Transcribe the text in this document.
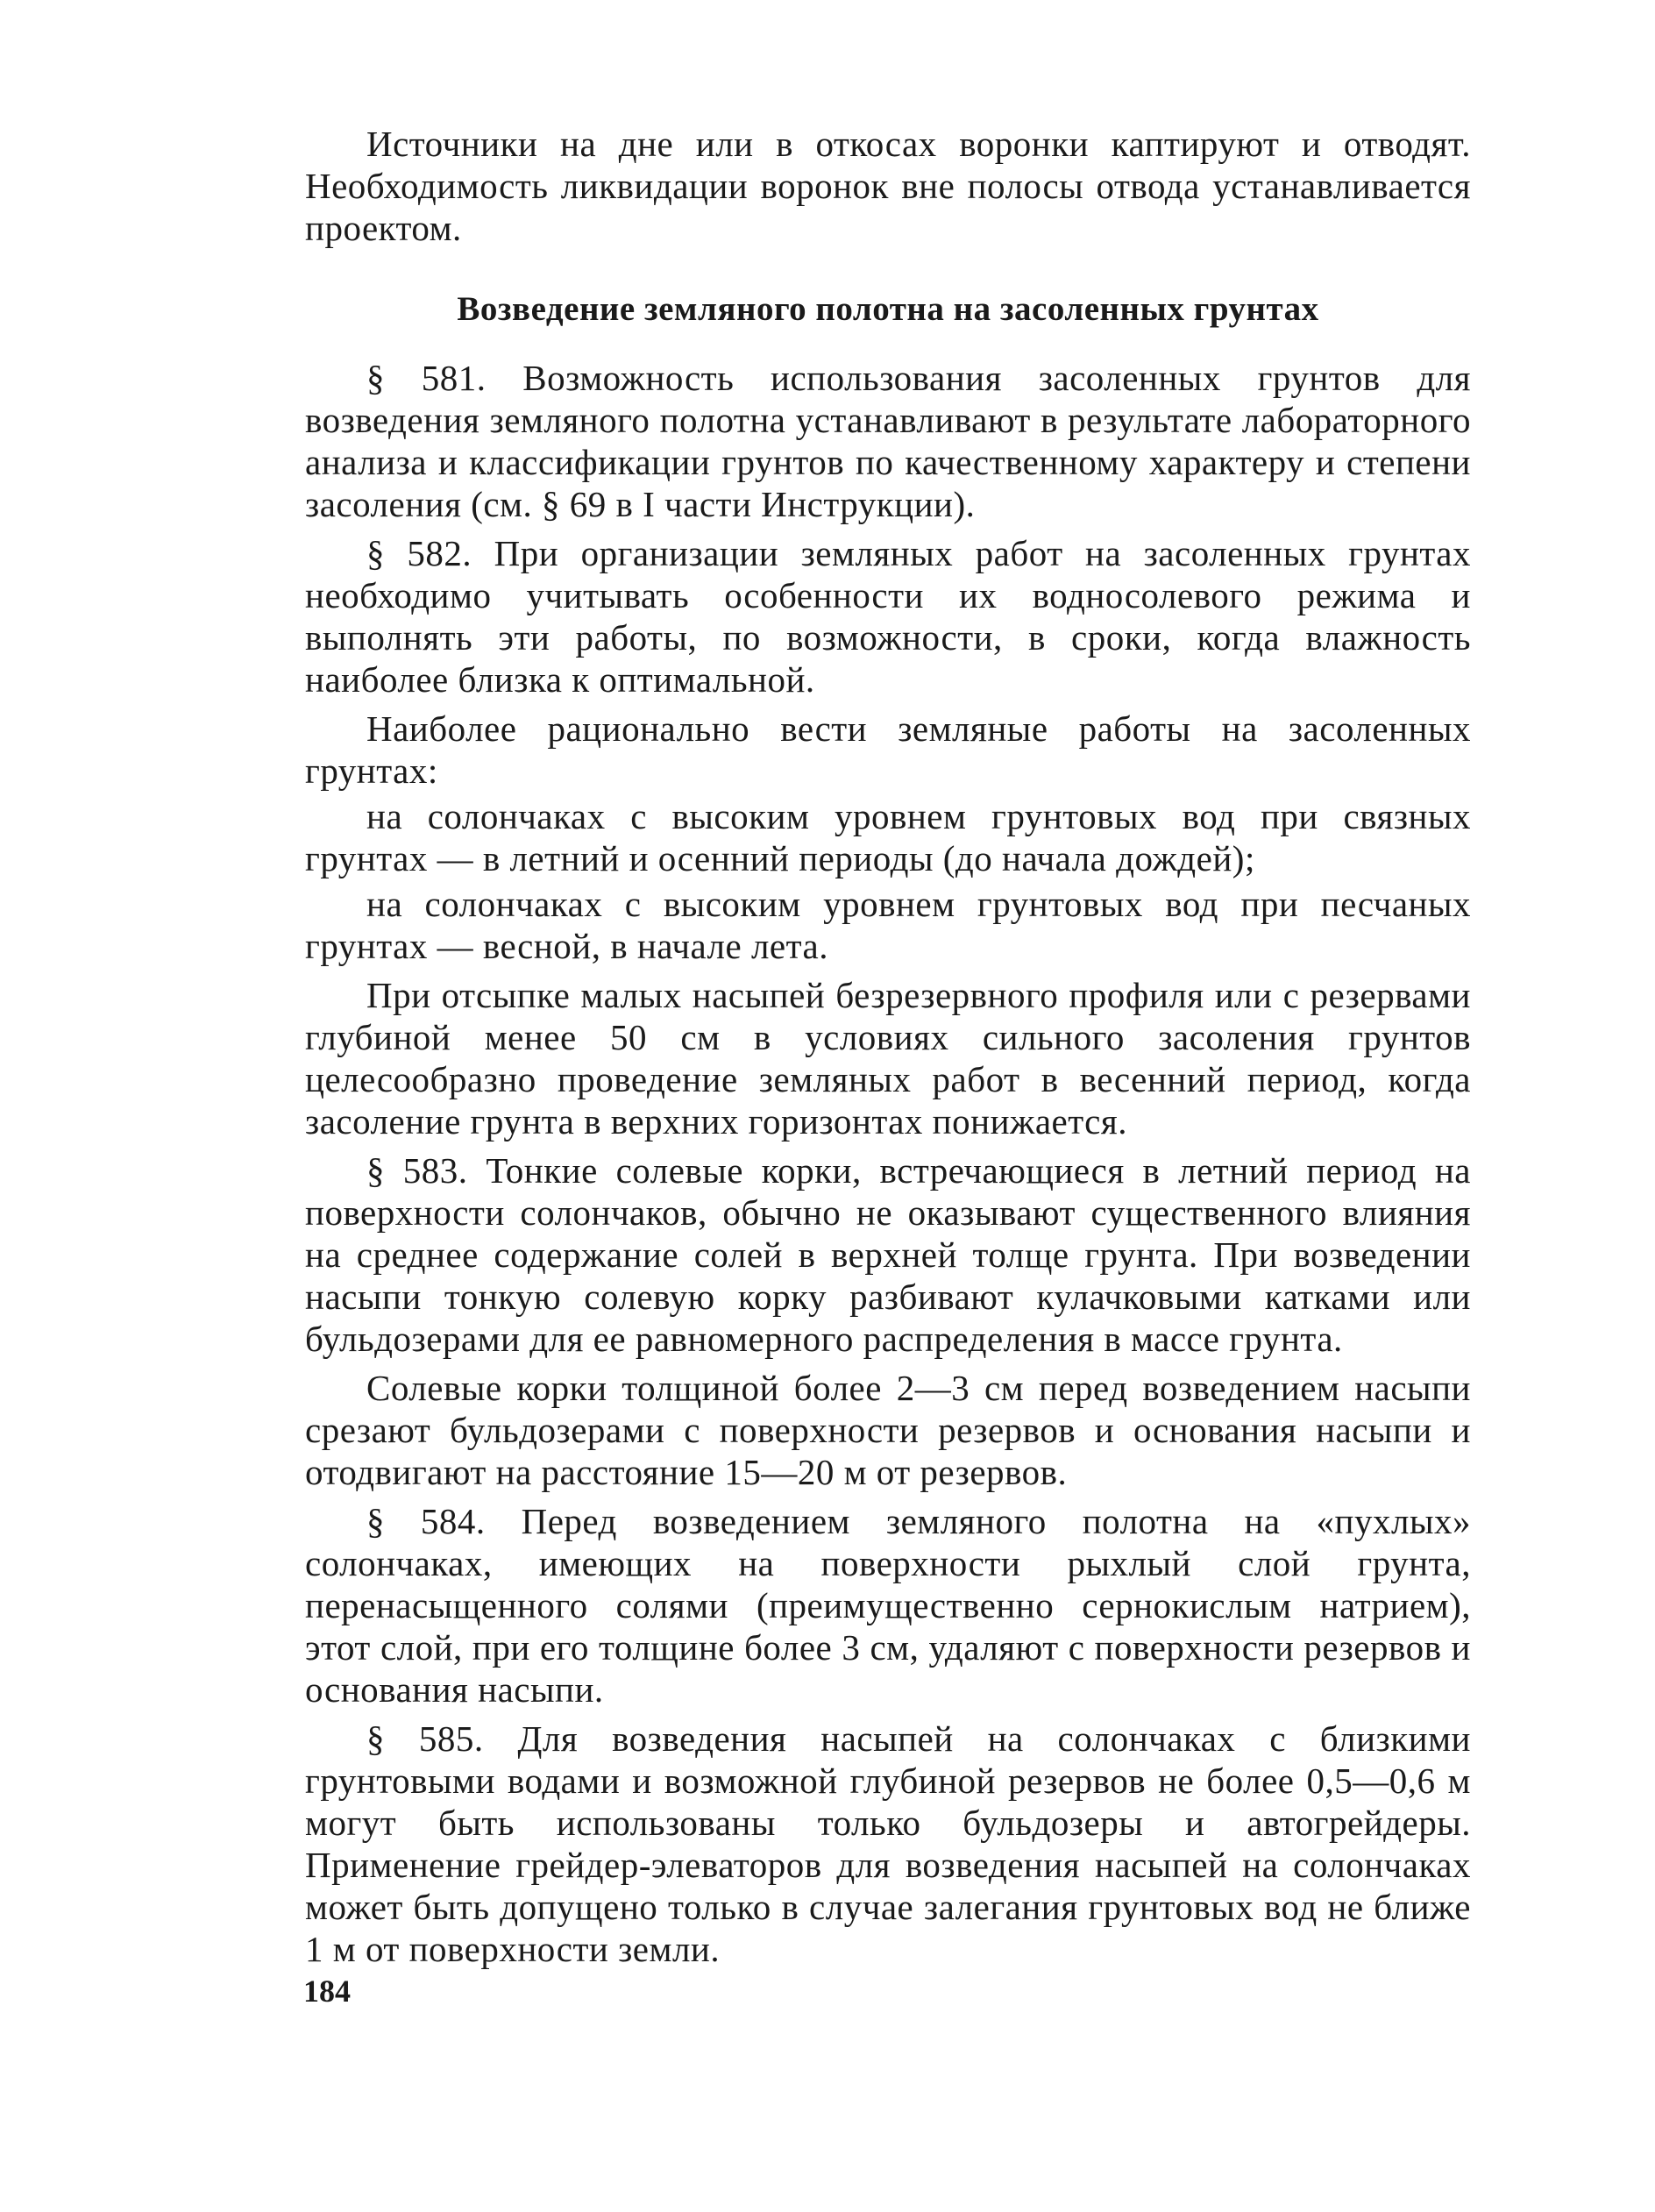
Источники на дне или в откосах воронки каптируют и отводят. Необходимость ликвидации воронок вне полосы отвода устанавливается проектом.

Возведение земляного полотна на засоленных грунтах

§ 581. Возможность использования засоленных грунтов для возведения земляного полотна устанавливают в результате лабораторного анализа и классификации грунтов по качественному характеру и степени засоления (см. § 69 в I части Инструкции).

§ 582. При организации земляных работ на засоленных грунтах необходимо учитывать особенности их водносолевого режима и выполнять эти работы, по возможности, в сроки, когда влажность наиболее близка к оптимальной.

Наиболее рационально вести земляные работы на засоленных грунтах:

на солончаках с высоким уровнем грунтовых вод при связных грунтах — в летний и осенний периоды (до начала дождей);

на солончаках с высоким уровнем грунтовых вод при песчаных грунтах — весной, в начале лета.

При отсыпке малых насыпей безрезервного профиля или с резервами глубиной менее 50 см в условиях сильного засоления грунтов целесообразно проведение земляных работ в весенний период, когда засоление грунта в верхних горизонтах понижается.

§ 583. Тонкие солевые корки, встречающиеся в летний период на поверхности солончаков, обычно не оказывают существенного влияния на среднее содержание солей в верхней толще грунта. При возведении насыпи тонкую солевую корку разбивают кулачковыми катками или бульдозерами для ее равномерного распределения в массе грунта.

Солевые корки толщиной более 2—3 см перед возведением насыпи срезают бульдозерами с поверхности резервов и основания насыпи и отодвигают на расстояние 15—20 м от резервов.

§ 584. Перед возведением земляного полотна на «пухлых» солончаках, имеющих на поверхности рыхлый слой грунта, перенасыщенного солями (преимущественно сернокислым натрием), этот слой, при его толщине более 3 см, удаляют с поверхности резервов и основания насыпи.

§ 585. Для возведения насыпей на солончаках с близкими грунтовыми водами и возможной глубиной резервов не более 0,5—0,6 м могут быть использованы только бульдозеры и автогрейдеры. Применение грейдер-элеваторов для возведения насыпей на солончаках может быть допущено только в случае залегания грунтовых вод не ближе 1 м от поверхности земли.

184
